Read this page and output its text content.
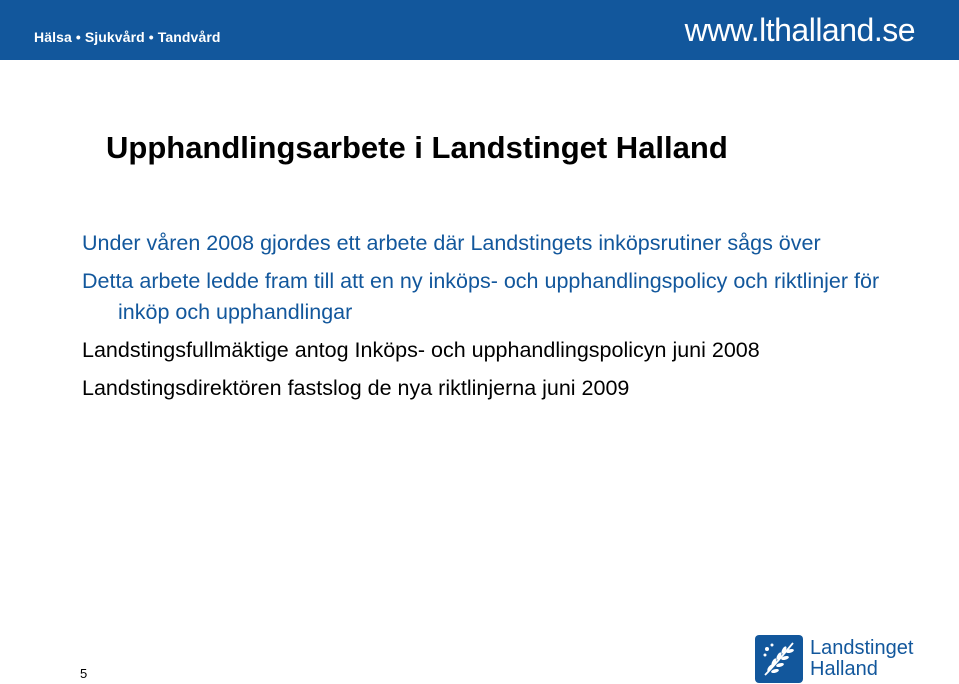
Hälsa • Sjukvård • Tandvård	www.lthalland.se
Upphandlingsarbete i Landstinget Halland
Under våren 2008 gjordes ett arbete där Landstingets inköpsrutiner sågs över
Detta arbete ledde fram till att en ny inköps- och upphandlingspolicy och riktlinjer för inköp och upphandlingar
Landstingsfullmäktige antog Inköps- och upphandlingspolicyn juni 2008
Landstingsdirektören fastslog de nya riktlinjerna juni 2009
5
Landstinget
Halland
